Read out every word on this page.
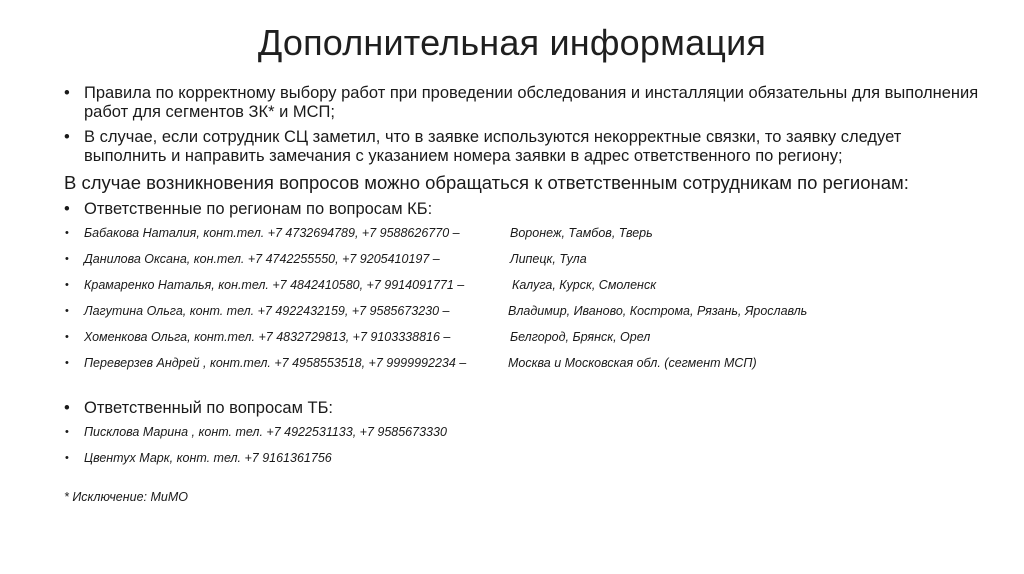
Дополнительная информация
• Правила по корректному выбору работ при проведении обследования и инсталляции обязательны для выполнения работ для сегментов ЗК* и МСП;
• В случае, если сотрудник СЦ заметил, что в заявке используются некорректные связки, то заявку следует выполнить и направить замечания с указанием номера заявки в адрес ответственного по региону;
В случае возникновения вопросов можно обращаться к ответственным сотрудникам по регионам:
• Ответственные по регионам по вопросам КБ:
• Бабакова Наталия, конт.тел. +7 4732694789, +7 9588626770 –	Воронеж, Тамбов, Тверь
• Данилова Оксана, кон.тел. +7 4742255550, +7 9205410197 –	Липецк, Тула
• Крамаренко Наталья, кон.тел. +7 4842410580, +7 9914091771 –	Калуга, Курск, Смоленск
• Лагутина Ольга, конт. тел. +7 4922432159, +7 9585673230 –	Владимир, Иваново, Кострома, Рязань, Ярославль
• Хоменкова Ольга, конт.тел. +7 4832729813, +7 9103338816 –	Белгород, Брянск, Орел
• Переверзев Андрей , конт.тел. +7 4958553518, +7 9999992234 –	Москва и Московская обл. (сегмент МСП)
• Ответственный по вопросам ТБ:
• Писклова Марина , конт. тел. +7 4922531133, +7 9585673330
• Цвентух Марк, конт. тел. +7 9161361756
* Исключение: МиМО
